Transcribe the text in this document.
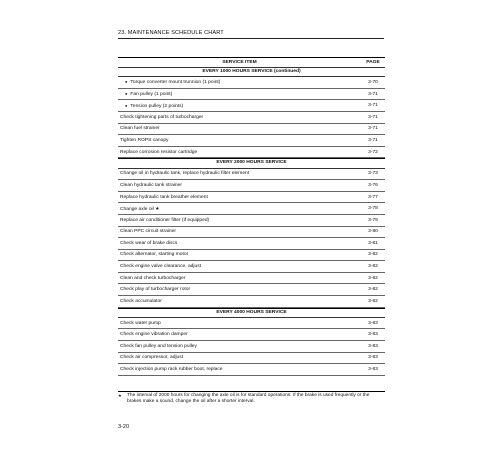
23. MAINTENANCE SCHEDULE CHART
SERVICE ITEM	PAGE
EVERY 1000 HOURS SERVICE (continued)
● Torque converter mount trunnion (1 point)	3-70
● Fan pulley (1 point)	3-71
● Tension pulley (2 points)	3-71
Check tightening parts of turbocharger	3-71
Clean fuel strainer	3-71
Tighten ROPS canopy	3-71
Replace corrosion resistor cartridge	3-72
EVERY 2000 HOURS SERVICE
Change oil in hydraulic tank, replace hydraulic filter element	3-73
Clean hydraulic tank strainer	3-76
Replace hydraulic tank breather element	3-77
Change axle oil ★	3-78
Replace air conditioner filter (if equipped)	3-79
Clean PPC circuit strainer	3-80
Check wear of brake discs	3-81
Check alternator, starting motor	3-82
Check engine valve clearance, adjust	3-82
Clean and check turbocharger	3-82
Check play of turbocharger rotor	3-82
Check accumulator	3-82
EVERY 4000 HOURS SERVICE
Check water pump	3-83
Check engine vibration damper	3-83
Check fan pulley and tension pulley	3-83
Check air compressor, adjust	3-83
Check injection pump rack rubber boot, replace	3-83
★	The interval of 2000 hours for changing the axle oil is for standard operations. If the brake is used frequently or the brakes make a sound, change the oil after a shorter interval.
3-20
